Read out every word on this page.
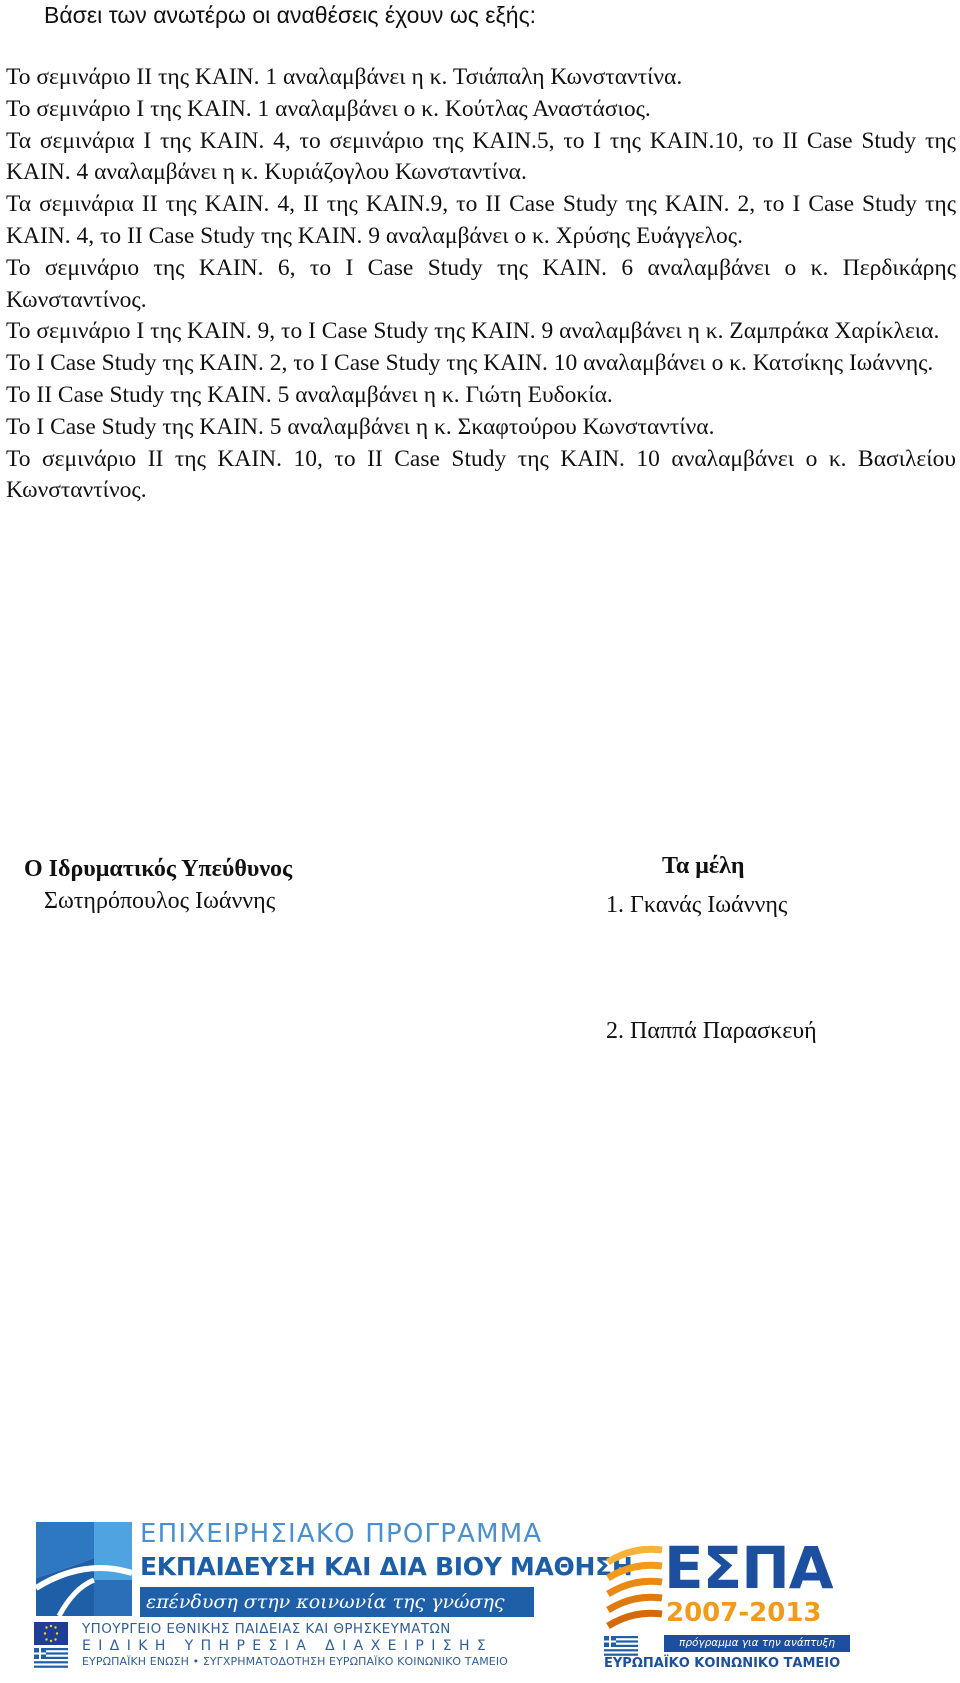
Βάσει των ανωτέρω οι αναθέσεις έχουν ως εξής:

Το σεμινάριο ΙΙ της ΚΑΙΝ. 1 αναλαμβάνει η κ. Τσιάπαλη Κωνσταντίνα.

Το σεμινάριο Ι της ΚΑΙΝ. 1 αναλαμβάνει ο κ. Κούτλας Αναστάσιος.

Τα σεμινάρια Ι της ΚΑΙΝ. 4, το σεμινάριο της ΚΑΙΝ.5, το Ι της ΚΑΙΝ.10, το ΙΙ Case Study της ΚΑΙΝ. 4 αναλαμβάνει η κ. Κυριάζογλου Κωνσταντίνα.

Τα σεμινάρια ΙΙ της ΚΑΙΝ. 4, ΙΙ της ΚΑΙΝ.9, το ΙΙ Case Study της ΚΑΙΝ. 2, το Ι Case Study της ΚΑΙΝ. 4, το ΙΙ Case Study της ΚΑΙΝ. 9 αναλαμβάνει ο κ. Χρύσης Ευάγγελος.

Το σεμινάριο της ΚΑΙΝ. 6, το Ι Case Study της ΚΑΙΝ. 6 αναλαμβάνει ο κ. Περδικάρης Κωνσταντίνος.

Το σεμινάριο Ι της ΚΑΙΝ. 9, το Ι Case Study της ΚΑΙΝ. 9 αναλαμβάνει η κ. Ζαμπράκα Χαρίκλεια.

Το Ι Case Study της ΚΑΙΝ. 2, το Ι Case Study της ΚΑΙΝ. 10 αναλαμβάνει ο κ. Κατσίκης Ιωάννης.

Το ΙΙ Case Study της ΚΑΙΝ. 5 αναλαμβάνει η κ. Γιώτη Ευδοκία.

Το Ι Case Study της ΚΑΙΝ. 5 αναλαμβάνει η κ. Σκαφτούρου Κωνσταντίνα.

Το σεμινάριο ΙΙ της ΚΑΙΝ. 10, το ΙΙ Case Study της ΚΑΙΝ. 10 αναλαμβάνει ο κ. Βασιλείου Κωνσταντίνος.

Ο Ιδρυματικός Υπεύθυνος

Σωτηρόπουλος Ιωάννης

Τα μέλη

1. Γκανάς Ιωάννης

2. Παππά Παρασκευή

ΕΠΙΧΕΙΡΗΣΙΑΚΟ ΠΡΟΓΡΑΜΜΑ

ΕΚΠΑΙΔΕΥΣΗ ΚΑΙ ΔΙΑ ΒΙΟΥ ΜΑΘΗΣΗ

επένδυση στην κοινωνία της γνώσης

ΥΠΟΥΡΓΕΙΟ ΕΘΝΙΚΗΣ ΠΑΙΔΕΙΑΣ ΚΑΙ ΘΡΗΣΚΕΥΜΑΤΩΝ

ΕΙΔΙΚΗ ΥΠΗΡΕΣΙΑ ΔΙΑΧΕΙΡΙΣΗΣ

ΕΥΡΩΠΑΪΚΗ ΕΝΩΣΗ • ΣΥΓΧΡΗΜΑΤΟΔΟΤΗΣΗ ΕΥΡΩΠΑΪΚΟ ΚΟΙΝΩΝΙΚΟ ΤΑΜΕΙΟ

ΕΣΠΑ

2007-2013

πρόγραμμα για την ανάπτυξη

ΕΥΡΩΠΑΪΚΟ ΚΟΙΝΩΝΙΚΟ ΤΑΜΕΙΟ
